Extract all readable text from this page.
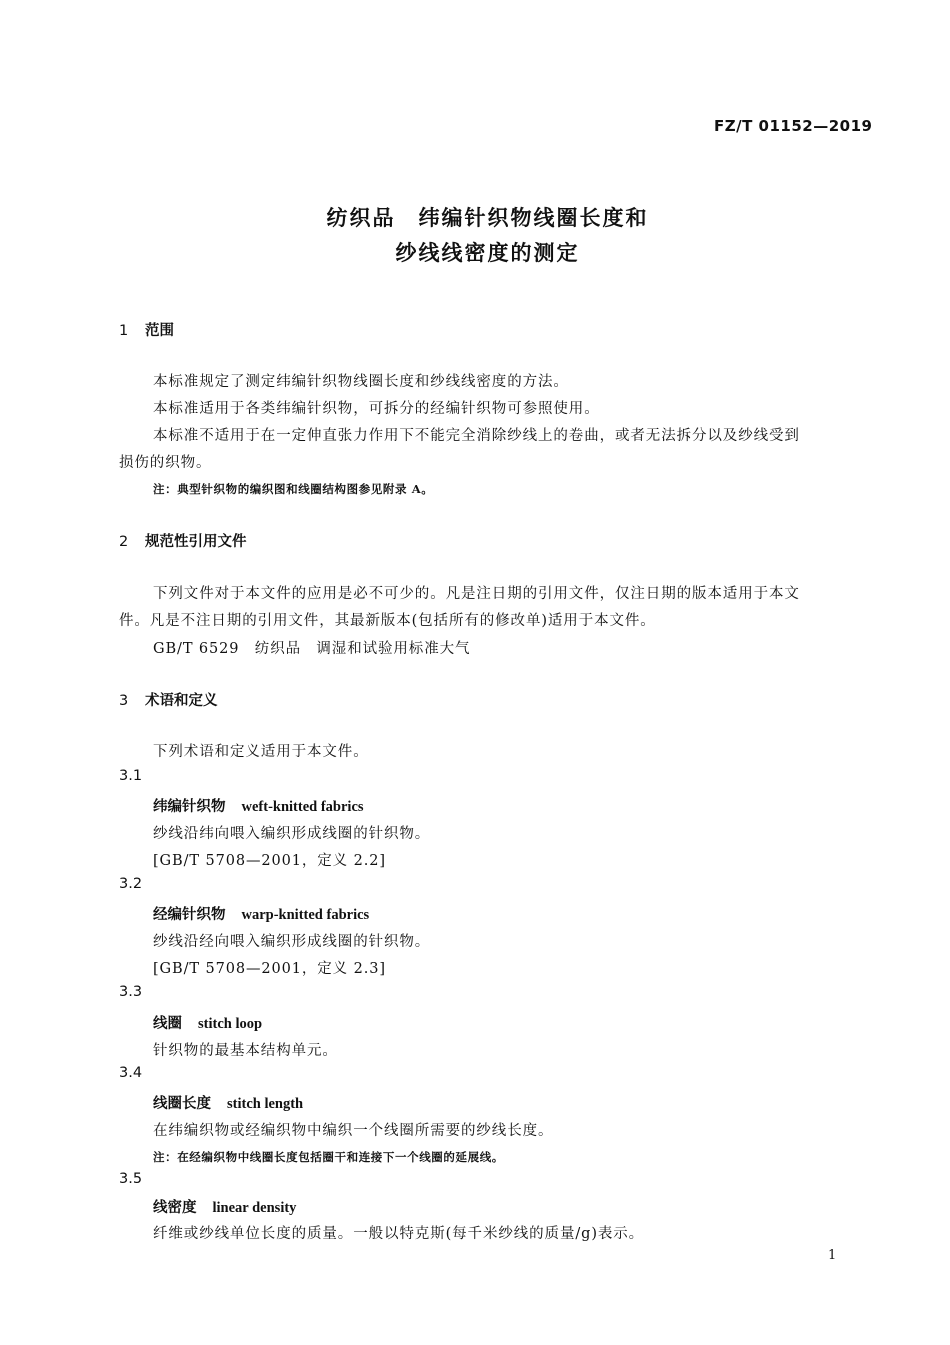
FZ/T 01152—2019
纺织品　纬编针织物线圈长度和
纱线线密度的测定
1 范围
本标准规定了测定纬编针织物线圈长度和纱线线密度的方法。
本标准适用于各类纬编针织物，可拆分的经编针织物可参照使用。
本标准不适用于在一定伸直张力作用下不能完全消除纱线上的卷曲，或者无法拆分以及纱线受到
损伤的织物。
注：典型针织物的编织图和线圈结构图参见附录 A。
2 规范性引用文件
下列文件对于本文件的应用是必不可少的。凡是注日期的引用文件，仅注日期的版本适用于本文
件。凡是不注日期的引用文件，其最新版本(包括所有的修改单)适用于本文件。
GB/T 6529　纺织品　调湿和试验用标准大气
3 术语和定义
下列术语和定义适用于本文件。
3.1
纬编针织物 weft-knitted fabrics
纱线沿纬向喂入编织形成线圈的针织物。
[GB/T 5708—2001，定义 2.2]
3.2
经编针织物 warp-knitted fabrics
纱线沿经向喂入编织形成线圈的针织物。
[GB/T 5708—2001，定义 2.3]
3.3
线圈 stitch loop
针织物的最基本结构单元。
3.4
线圈长度 stitch length
在纬编织物或经编织物中编织一个线圈所需要的纱线长度。
注：在经编织物中线圈长度包括圈干和连接下一个线圈的延展线。
3.5
线密度 linear density
纤维或纱线单位长度的质量。一般以特克斯(每千米纱线的质量/g)表示。
1
